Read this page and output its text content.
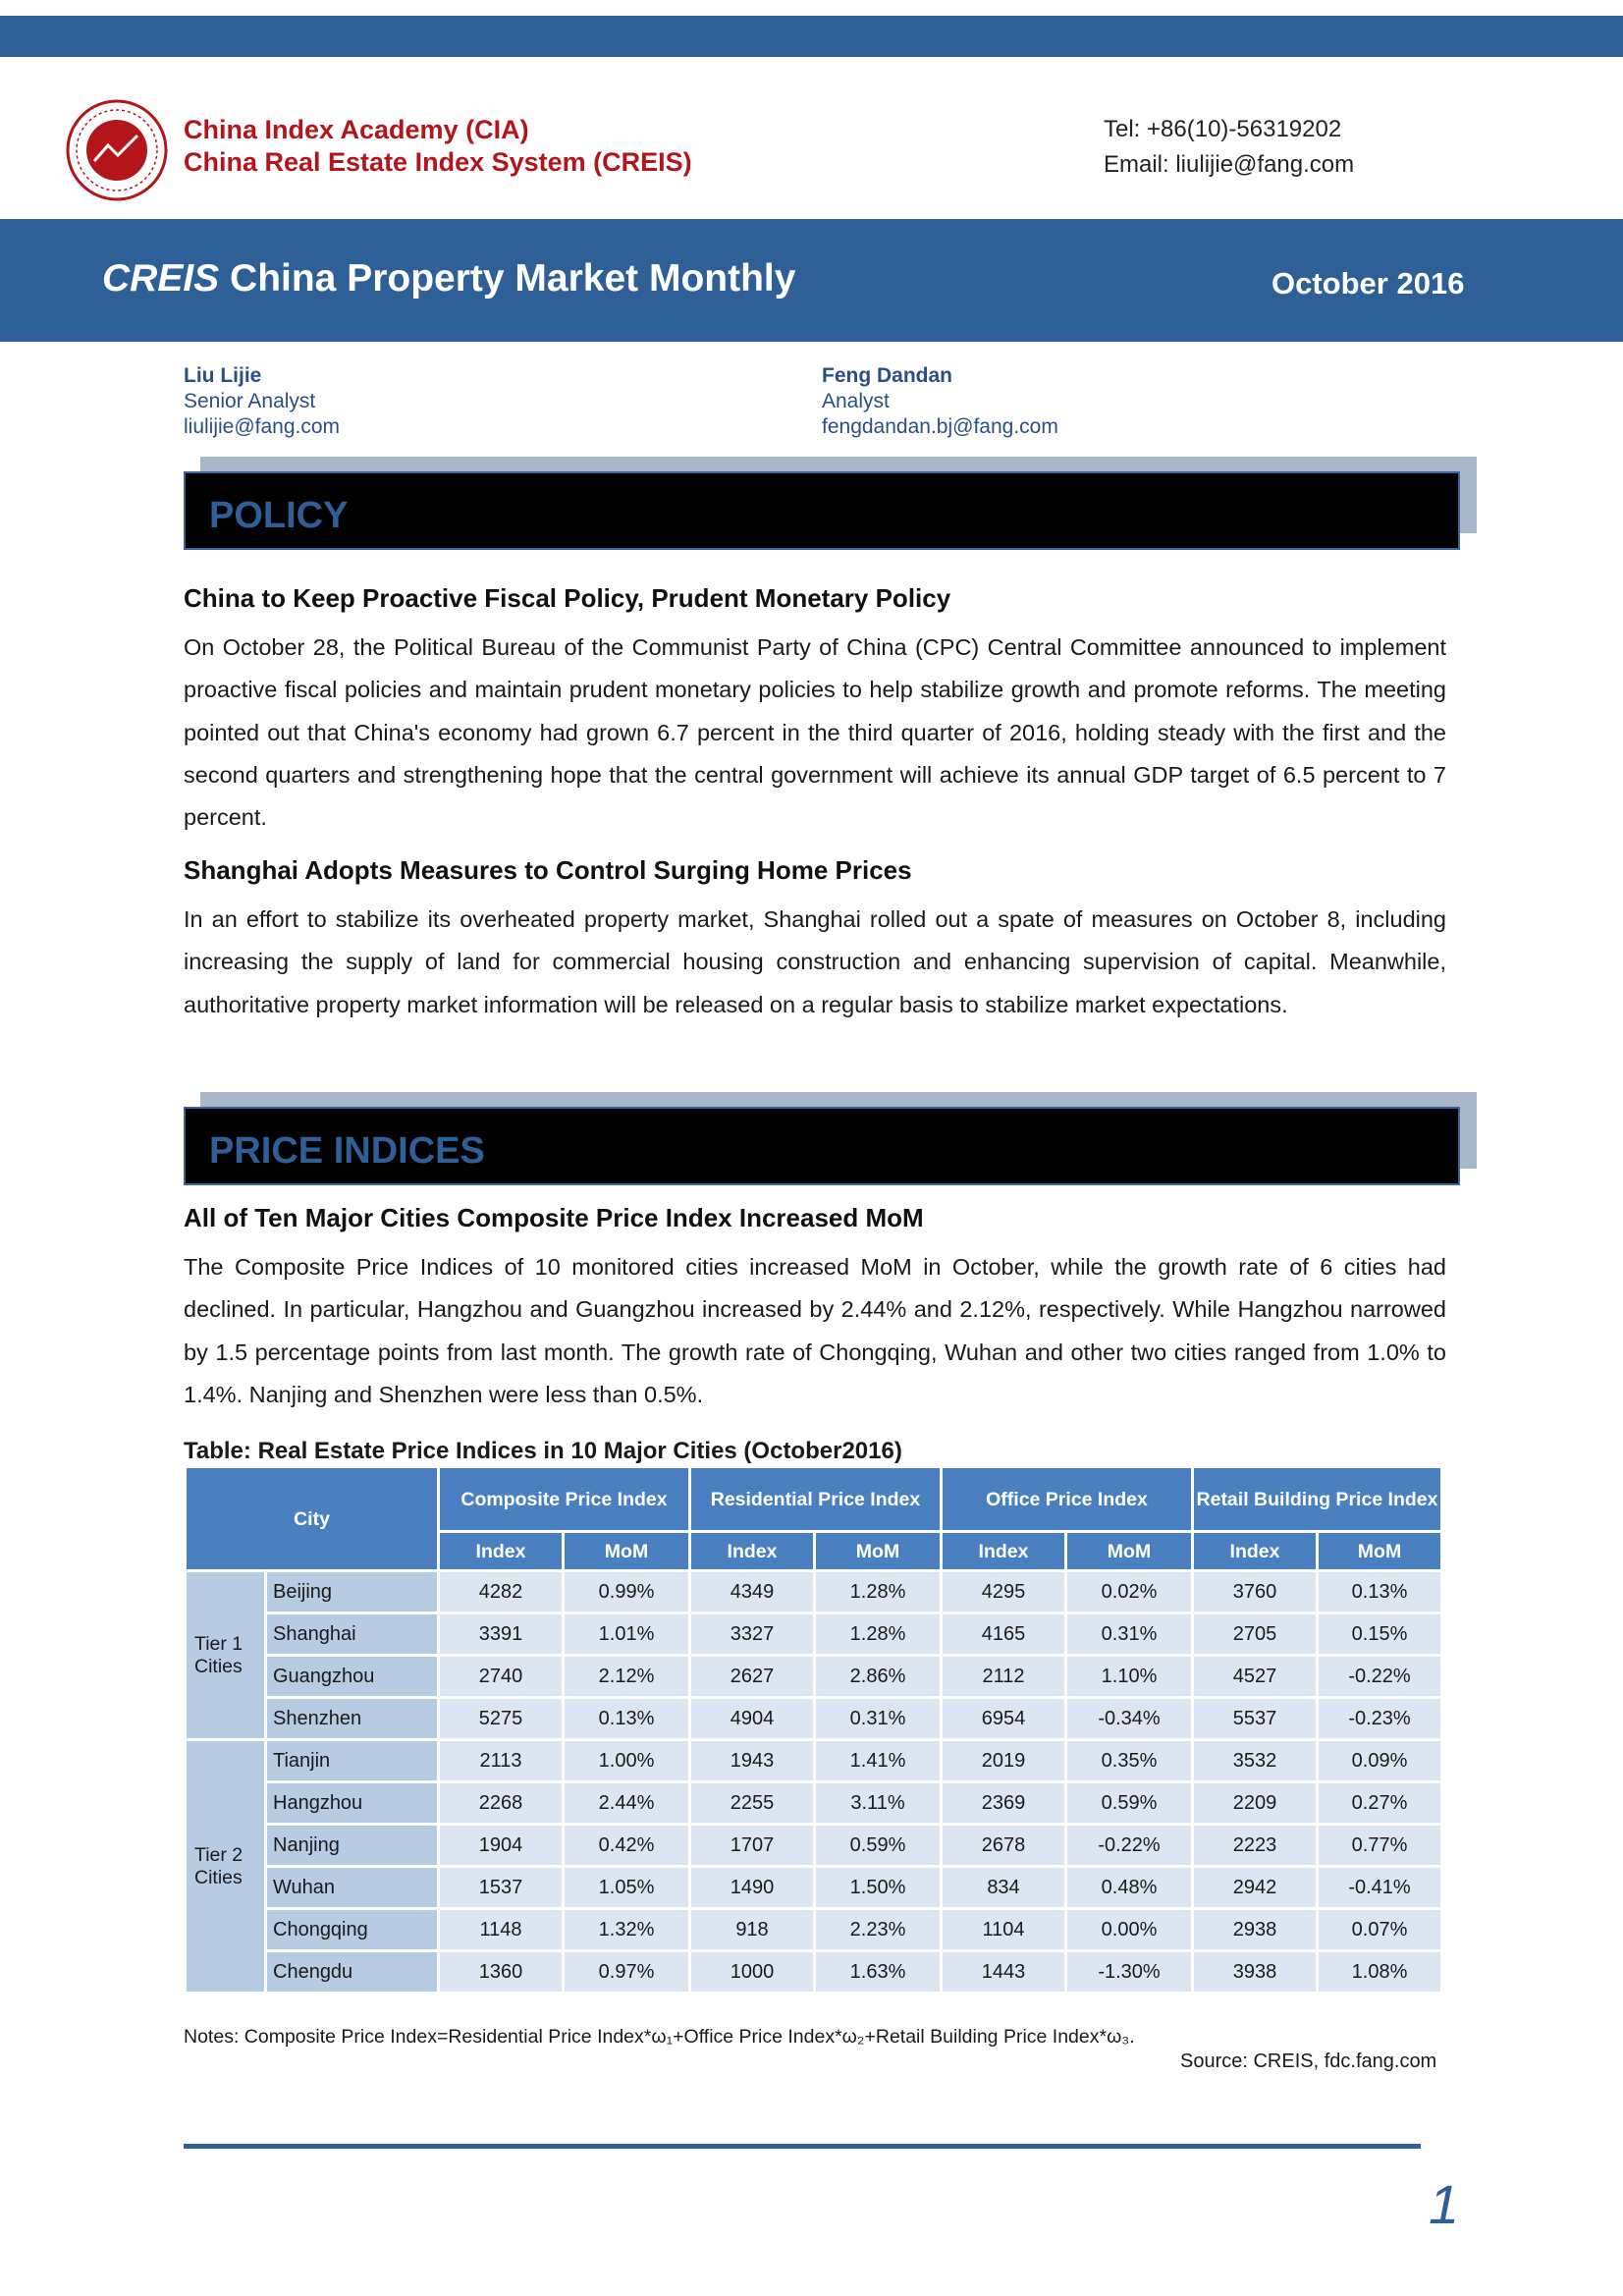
China Index Academy (CIA)
China Real Estate Index System (CREIS)
Tel: +86(10)-56319202
Email: liulijie@fang.com
CREIS China Property Market Monthly	October 2016
Liu Lijie
Senior Analyst
liulijie@fang.com
Feng Dandan
Analyst
fengdandan.bj@fang.com
POLICY
China to Keep Proactive Fiscal Policy, Prudent Monetary Policy
On October 28, the Political Bureau of the Communist Party of China (CPC) Central Committee announced to implement proactive fiscal policies and maintain prudent monetary policies to help stabilize growth and promote reforms. The meeting pointed out that China's economy had grown 6.7 percent in the third quarter of 2016, holding steady with the first and the second quarters and strengthening hope that the central government will achieve its annual GDP target of 6.5 percent to 7 percent.
Shanghai Adopts Measures to Control Surging Home Prices
In an effort to stabilize its overheated property market, Shanghai rolled out a spate of measures on October 8, including increasing the supply of land for commercial housing construction and enhancing supervision of capital. Meanwhile, authoritative property market information will be released on a regular basis to stabilize market expectations.
PRICE INDICES
All of Ten Major Cities Composite Price Index Increased MoM
The Composite Price Indices of 10 monitored cities increased MoM in October, while the growth rate of 6 cities had declined. In particular, Hangzhou and Guangzhou increased by 2.44% and 2.12%, respectively. While Hangzhou narrowed by 1.5 percentage points from last month. The growth rate of Chongqing, Wuhan and other two cities ranged from 1.0% to 1.4%. Nanjing and Shenzhen were less than 0.5%.
Table: Real Estate Price Indices in 10 Major Cities (October2016)
City		Composite Price Index		Residential Price Index		Office Price Index		Retail Building Price Index	
		Index	MoM	Index	MoM	Index	MoM	Index	MoM
Tier 1 Cities	Beijing	4282	0.99%	4349	1.28%	4295	0.02%	3760	0.13%
	Shanghai	3391	1.01%	3327	1.28%	4165	0.31%	2705	0.15%
	Guangzhou	2740	2.12%	2627	2.86%	2112	1.10%	4527	-0.22%
	Shenzhen	5275	0.13%	4904	0.31%	6954	-0.34%	5537	-0.23%
Tier 2 Cities	Tianjin	2113	1.00%	1943	1.41%	2019	0.35%	3532	0.09%
	Hangzhou	2268	2.44%	2255	3.11%	2369	0.59%	2209	0.27%
	Nanjing	1904	0.42%	1707	0.59%	2678	-0.22%	2223	0.77%
	Wuhan	1537	1.05%	1490	1.50%	834	0.48%	2942	-0.41%
	Chongqing	1148	1.32%	918	2.23%	1104	0.00%	2938	0.07%
	Chengdu	1360	0.97%	1000	1.63%	1443	-1.30%	3938	1.08%
Notes: Composite Price Index=Residential Price Index*ω₁+Office Price Index*ω₂+Retail Building Price Index*ω₃.
Source: CREIS, fdc.fang.com
1
